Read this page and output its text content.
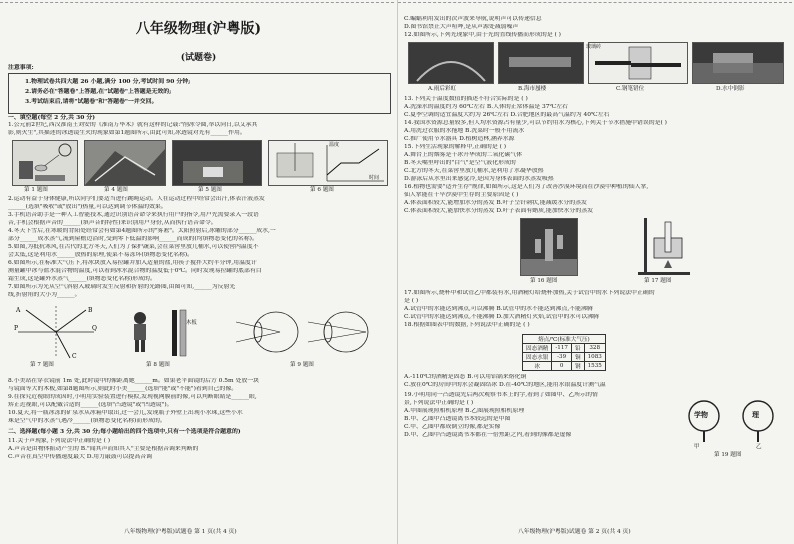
八年级物理(沪粤版)
(试题卷)
注意事项:
1.物理试卷共四大题 26 小题,满分 100 分,考试时间 90 分钟;
2.请务必在"答题卷"上答题,在"试题卷"上答题是无效的;
3.考试结束后,请将"试题卷"和"答题卷"一并交回。
一、填空题(每空 2 分,共 30 分)
1.公元前2世纪,西汉淮南王刘安的《淮南万毕术》就有这样的记载:"削冰令圆,举以向日,以艾承其
影,则火生",其描述的冰透镜生火的现象如第1题图所示,由此可知,冰透镜对光有______作用。
温度
时间
第 1 题图	第 4 题图	第 5 题图	第 6 题图
2.运动有益于身体健康,所以同学们要适当进行跳绳运动。人在运动过程中经常会出汗,体表汗液蒸发
______(选填"吸收"或"放出")热量,可以达到调节体温的效果。
3.手机语音助手是一种人工智能技术,通过识别语音命令来执行用户的指令,用户先需要录入一段语
音,手机会根据声音的______(填声音的特性)来识别用户身份,从而执行语音命令。
4.冬天下雪后,在寒暖的背阳处经常会有如第4题图所示的"雾凇"。太阳照射后,冰雕的部分______成水,一
部分______成水蒸气,流到屋檐边沿时,受到零下低温的影响______而成的(均填物态变化的名称)。
5.如图,为抵抗寒风,在古代的北方冬天,人们为了保护蔬菜,会在菜窖里放几桶水,可以使窖内温度不
会太低,这是利用水______放热的原理,使菜不易冻坏(填物态变化名称)。
6.如图所示,在标准大气压下,将冰块放入易拉罐并加入适量的盐,用筷子搅拌大约半分钟,用温度计
测量罐中冰与盐水混合物的温度,可以看到冰水混合物的温度低于0℃。同时发现易拉罐的底部有白
霜生成,这是罐外水蒸气______(填物态变化名称)形成的。
7.如图所示为光从空气斜射入玻璃时发生反射和折射的光路图,由图可知,______为反射光
线,折射角的大小为______。
A	B
C
P	Q
木板
第 7 题图	第 8 题图	第 9 题图
8.小美站在穿衣镜前 1m 处,此时镜中的像距离她______m。如果老平面镜的后方 0.5m 处放一块
与镜面等大的木板,如第8题图所示,则此时小美______(选填"能"或"不能")看到自己的像。
9.在探究近视眼的成因时,小明用实验装置进行模拟,发现视网膜前的像,可以判断眼睛是______眼,
矫正近视眼,可以配戴合适的______(选填"凸透镜"或"凹透镜")。
10.夏天,将一瓶冰冻的矿泉水从冰箱中取出,过一会儿,发现瓶子外壁上出现小水珠,这些小水
珠是空气中的水蒸气遇冷______(填物态变化名称)而形成的。
二、选择题(每小题 3 分,共 30 分;每小题给出的四个选项中,只有一个选项是符合题意的)
11.关于声现象,下列说法中正确的是 ( )
A.声音是由物体振动产生的 B."闻其声而知其人"主要是根据音调来判断的
C.声音在真空中传播速度最大 D.用力敲鼓可以提高音调
八年级物理(沪粤版)试题卷 第 1 页(共 4 页)
C.蝙蝠利用发出的次声波来导航,说明声可以传递信息
D.图书馆禁止大声喧哗,是从声源处减弱噪声
12.如图所示,下列光现象中,由于光的直线传播而形成的是 ( )
玻璃砖
A.雨后彩虹	B.海市蜃楼	C.钢笔错位	D.水中倒影
13.下列关于温度数值的描述不符合实际的是 ( )
A.洗澡水的温度约为 60℃左右 B.人体的正常体温是 37℃左右
C.夏季空调的适宜温度大约为 26℃左右 D.合肥地区的最高气温约为 40℃左右
14.我国水资源总量较多,但人均水资源占有量少,可以节约用水为核心,下列关于节水措施中错误的是( )
A.用洗过衣服的水拖地 B.洗菜时一般不用流水
C.推广使用节水器具 D.植树造林,涵养水源
15.下列生活现象的解释中,正确的是 ( )
A.舞台上的烟雾是干冰升华成的二氧化碳气体
B.冬天嘴里呼出的"白气"是空气液化形成的
C.北方的冬天,在菜窖里放几桶水,是利用了水凝华放热
D.游泳后从水里出来感觉冷,是因为身体表面的水蒸发吸热
16.植物也需要"适齐生存"规律,如图所示,这是人们为了改善沙漠环境而在沙漠中种植的仙人掌,
仙人掌能在干旱沙漠中生存的主要原因是 ( )
A.体表面积较大,能增加水分的蒸发 B.叶子呈针刺状,能减缓水分的蒸发
C.体表面积较大,能加快水分的蒸发 D.叶子表面有蜡质,能加快水分的蒸发
第 16 题图	第 17 题图
17.如图所示,烧杯中和试管乙中都装有水,用酒精灯给烧杯加热,关于试管中的水下列说法中正确的
是 ( )
A.试管中的水能达到沸点,可以沸腾 B.试管中的水不能达到沸点,不能沸腾
C.试管中的水能达到沸点,不能沸腾 D.加大酒精灯火焰,试管中的水可以沸腾
18.根据如图表中的数据,下列说法中正确的是 ( )
熔点/℃(标准大气压)			
固态酒精	-117	铅	328
固态水银	-39	铜	1083
冰	0	钢	1535
A.-110℃的酒精是固态 B.可以用铝锅来熔化铜
C.放在0℃的房间中的水会凝固结冰 D.在-40℃的地区,能用水银温度计测气温
19.小明用同一凸透镜先后两次观察书本上的字,看到了如图甲、乙所示的情
景,下列说法中正确的是 ( )
A.甲图展现照相机原理 B.乙图展现照相机原理
B.甲、乙图中凸透镜离书本较远的是甲图
C.甲、乙图中都成倒立的像,都是实像
D.甲、乙图中凸透镜离书本都在一倍焦距之内,看到的像都是虚像
学物	理
甲	乙
第 19 题图
八年级物理(沪粤版)试题卷 第 2 页(共 4 页)
